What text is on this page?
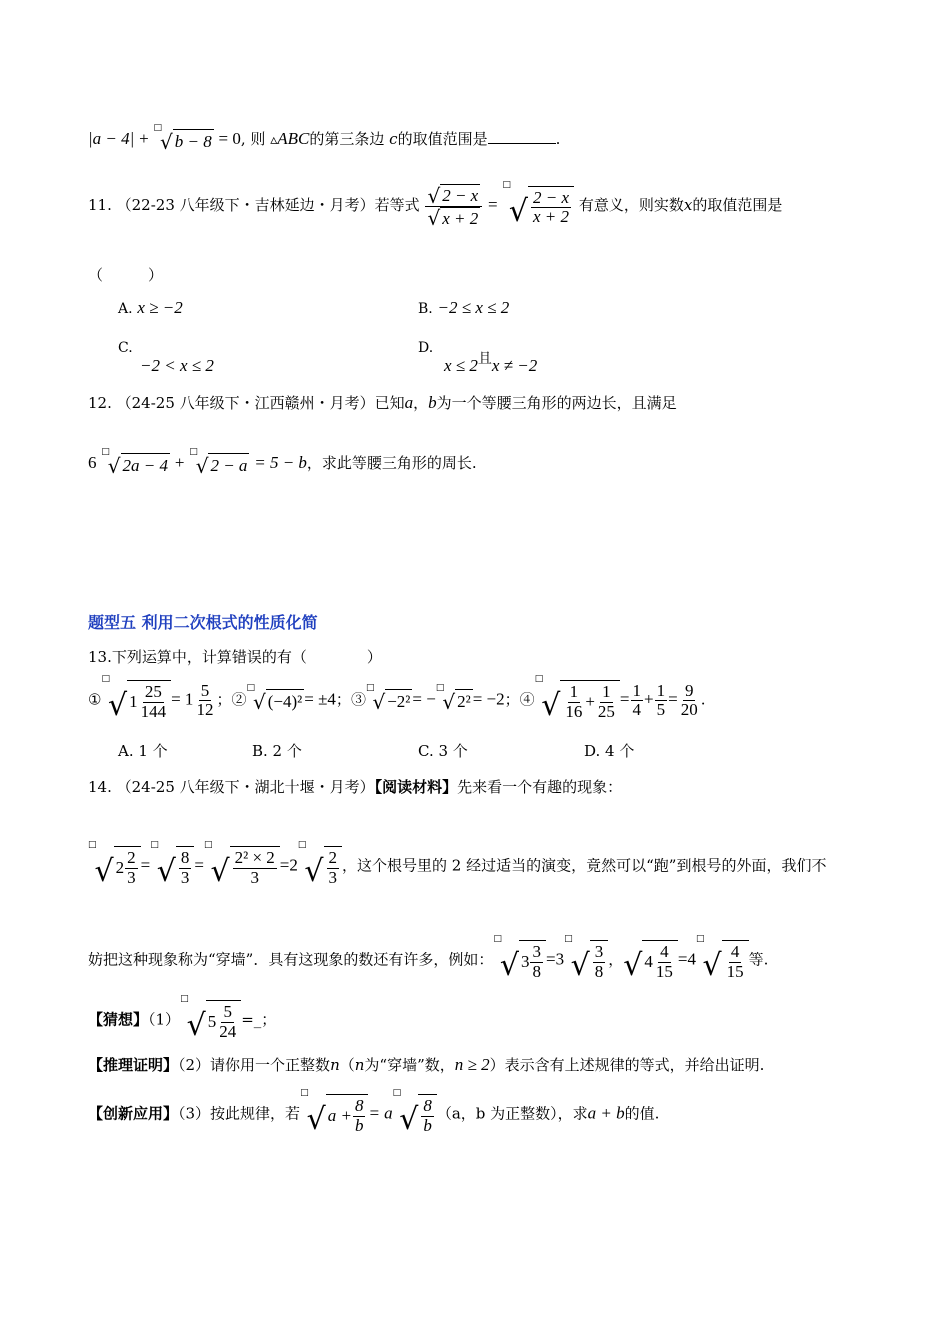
|a − 4| +
□
√ b − 8 = 0, 则 ▵ABC的第三条边 c的取值范围是	.
11. （22-23 八年级下・吉林延边・月考）若等式 $\frac{√ 2 - x}{√ x + 2}$ =
□
√ $\frac{2 - x}{x + 2}$ 有意义，则实数x的取值范围是
（　　　）
A. x ≥ −2	B. −2 ≤ x ≤ 2
C.
−2 < x ≤ 2
D.
x ≤ 2且x ≠ −2
12. （24-25 八年级下・江西赣州・月考）已知a，b为一个等腰三角形的两边长，且满足
6
□
√ 2a − 4 +
□
√ 2 − a = 5 − b，求此等腰三角形的周长.
题型五 利用二次根式的性质化简
13.下列运算中，计算错误的有（　　　　）
①
□
√ $1 \frac{25}{144} = 1 \frac{5}{12}$ ；②
□
√ (−4)² = ±4；③
□
√ −2² = −
□
√ 2² = −2；④
□
√ $\frac{1}{16} + \frac{1}{25} = \frac{1}{4} + \frac{1}{5} = \frac{9}{20}$ .
A. 1 个	B. 2 个	C. 3 个	D. 4 个
14. （24-25 八年级下・湖北十堰・月考）【阅读材料】先来看一个有趣的现象：
□
√ $2 \frac{2}{3}$ =
□
√ $\frac{8}{3}$ =
□
√ $\frac{\text{2² × 2}}{3} =2$
□
√ $\frac{2}{3}$ ，这个根号里的 2 经过适当的演变，竟然可以“跑”到根号的外面，我们不
妨把这种现象称为“穿墙”．具有这现象的数还有许多，例如：
□
√ $3 \frac{3}{8} =3$
□
√ $\frac{3}{8}$ ， √ $4 \frac{4}{15} =4$
□
√ $\frac{4}{15}$ 等.
【猜想】（1）
□
√ $5 \frac{5}{24}$ =_；
【推理证明】（2）请你用一个正整数n（n为“穿墙”数，n ≥ 2）表示含有上述规律的等式，并给出证明.
【创新应用】（3）按此规律，若
□
√ $a + \frac{8}{b} = a$
□
√ $\frac{8}{b} (a$，b 为正整数），求a + b的值.
